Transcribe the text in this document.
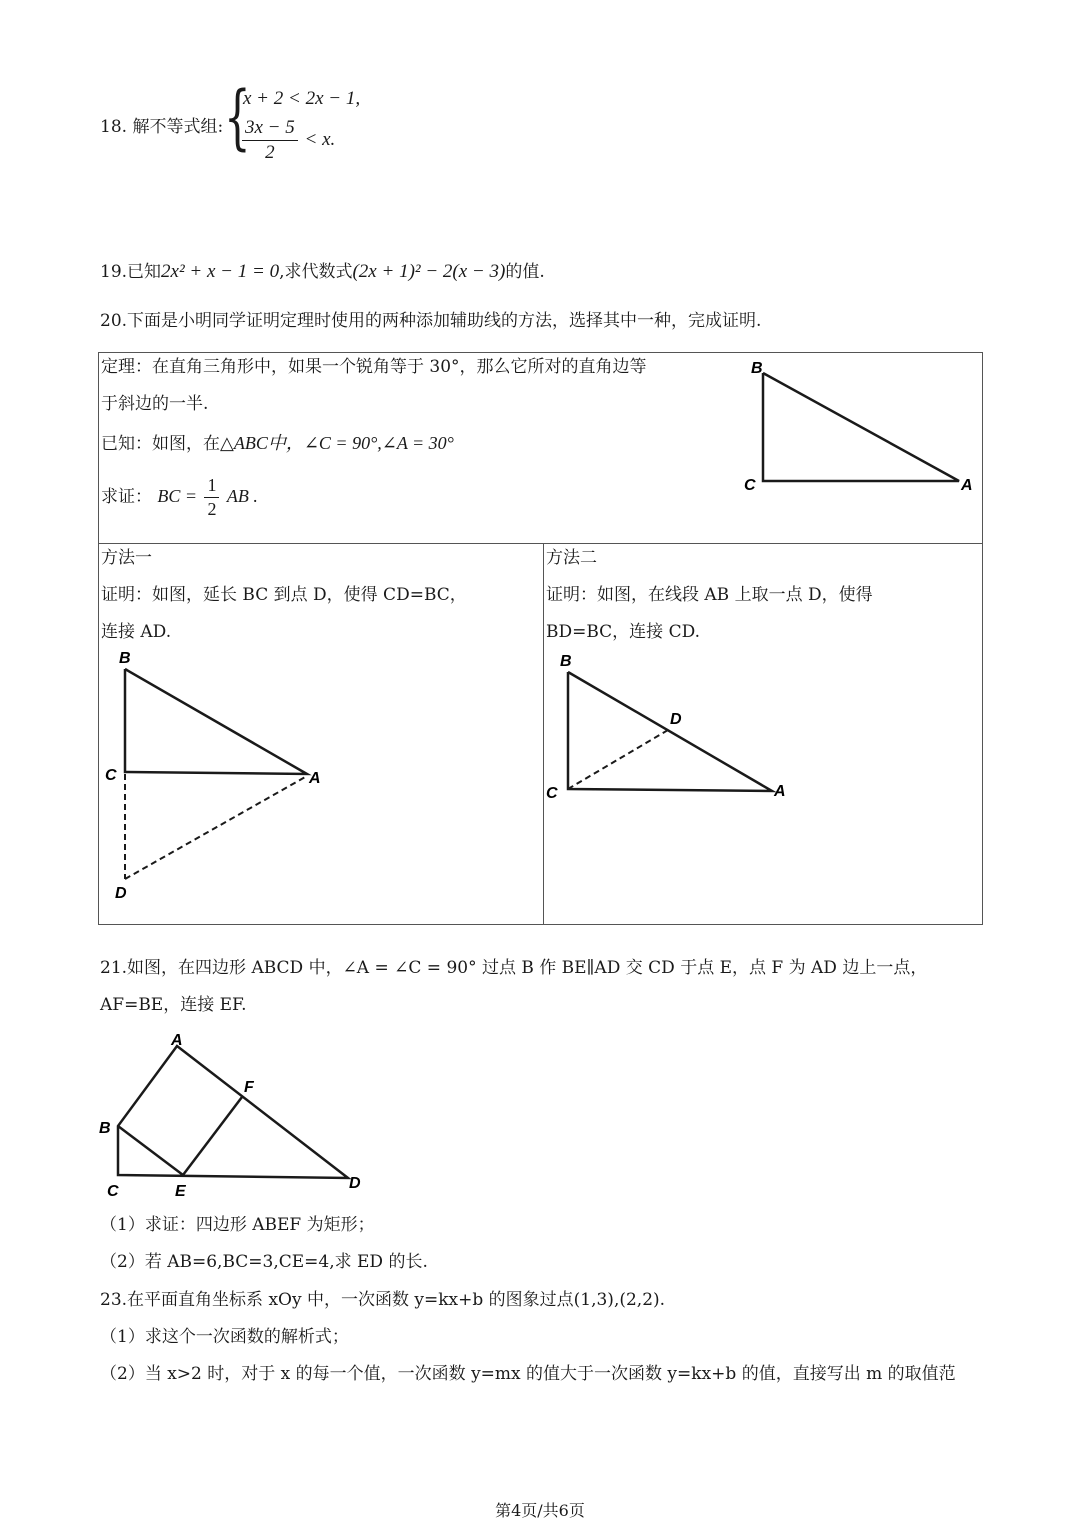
18. 解不等式组: {
x + 2 < 2x − 1,
$\frac{3x - 5}{2} < x$.
19.已知2x² + x − 1 = 0,求代数式(2x + 1)² − 2(x − 3)的值.
20.下面是小明同学证明定理时使用的两种添加辅助线的方法，选择其中一种，完成证明.
定理：在直角三角形中，如果一个锐角等于 30°，那么它所对的直角边等
于斜边的一半.
已知：如图，在△ABC中，∠C = 90°,∠A = 30°
求证： BC = $\frac{1}{2}$ AB .
B
C	A

方法一
证明：如图，延长 BC 到点 D，使得 CD=BC，
连接 AD.
B
C	A
D

方法二
证明：如图，在线段 AB 上取一点 D，使得
BD=BC，连接 CD.
B
C	A
D
21.如图，在四边形 ABCD 中，∠A = ∠C = 90° 过点 B 作 BE∥AD 交 CD 于点 E，点 F 为 AD 边上一点，
AF=BE，连接 EF.
A
B
C	E
F
D
（1）求证：四边形 ABEF 为矩形；
（2）若 AB=6,BC=3,CE=4,求 ED 的长.
23.在平面直角坐标系 xOy 中，一次函数 y=kx+b 的图象过点(1,3),(2,2).
（1）求这个一次函数的解析式；
（2）当 x>2 时，对于 x 的每一个值，一次函数 y=mx 的值大于一次函数 y=kx+b 的值，直接写出 m 的取值范
第4页/共6页
